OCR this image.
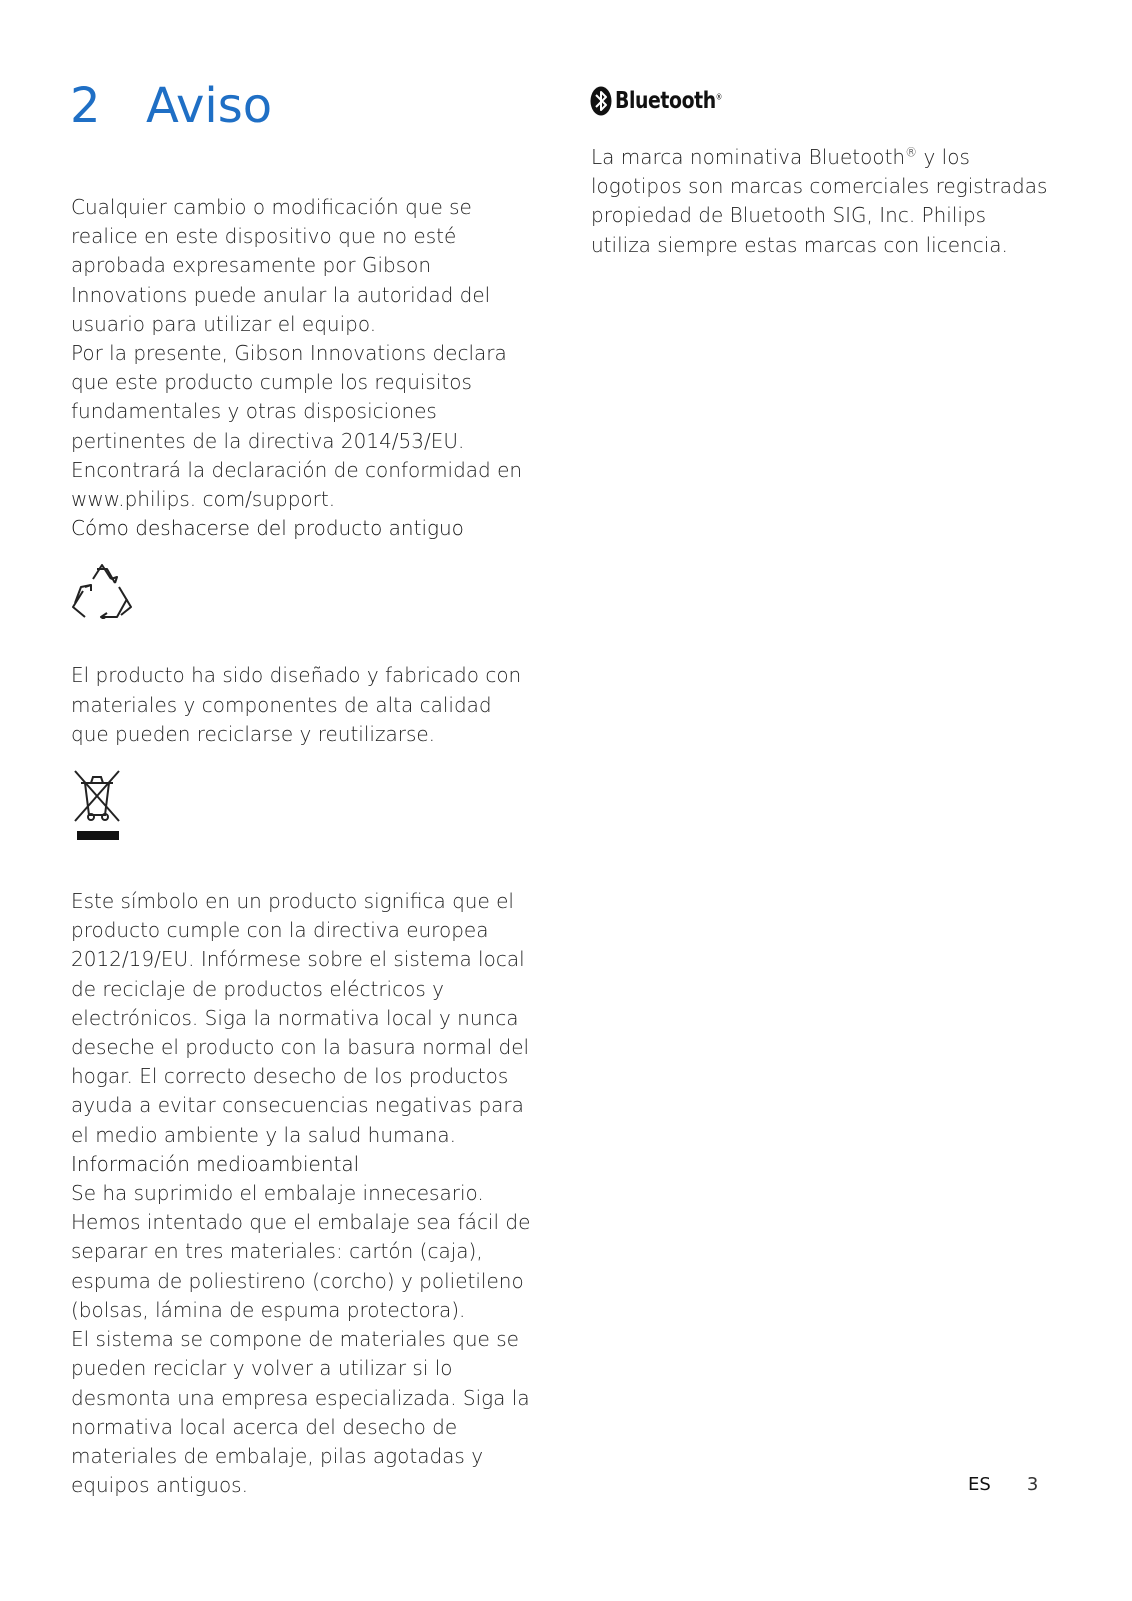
2 Aviso

Cualquier cambio o modificación que se realice en este dispositivo que no esté aprobada expresamente por Gibson Innovations puede anular la autoridad del usuario para utilizar el equipo.

Por la presente, Gibson Innovations declara que este producto cumple los requisitos fundamentales y otras disposiciones pertinentes de la directiva 2014/53/EU. Encontrará la declaración de conformidad en www.philips. com/support.

Cómo deshacerse del producto antiguo

El producto ha sido diseñado y fabricado con materiales y componentes de alta calidad que pueden reciclarse y reutilizarse.

Este símbolo en un producto significa que el producto cumple con la directiva europea 2012/19/EU. Infórmese sobre el sistema local de reciclaje de productos eléctricos y electrónicos. Siga la normativa local y nunca deseche el producto con la basura normal del hogar. El correcto desecho de los productos ayuda a evitar consecuencias negativas para el medio ambiente y la salud humana.

Información medioambiental

Se ha suprimido el embalaje innecesario. Hemos intentado que el embalaje sea fácil de separar en tres materiales: cartón (caja), espuma de poliestireno (corcho) y polietileno (bolsas, lámina de espuma protectora).

El sistema se compone de materiales que se pueden reciclar y volver a utilizar si lo desmonta una empresa especializada. Siga la normativa local acerca del desecho de materiales de embalaje, pilas agotadas y equipos antiguos.

Bluetooth®

La marca nominativa Bluetooth® y los logotipos son marcas comerciales registradas propiedad de Bluetooth SIG, Inc. Philips utiliza siempre estas marcas con licencia.

ES 3
